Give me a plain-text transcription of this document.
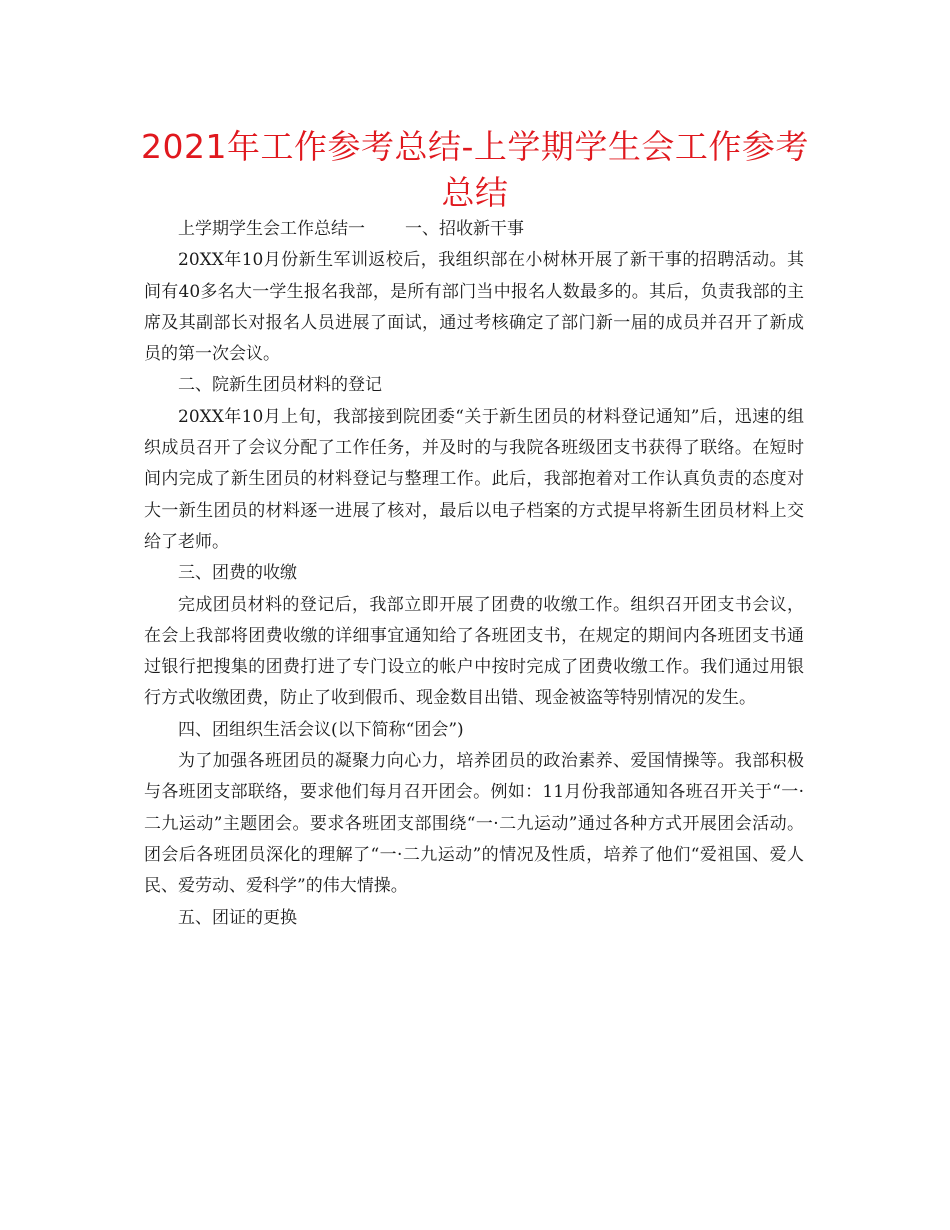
2021年工作参考总结-上学期学生会工作参考总结

上学期学生会工作总结一 一、招收新干事

20XX年10月份新生军训返校后，我组织部在小树林开展了新干事的招聘活动。其间有40多名大一学生报名我部，是所有部门当中报名人数最多的。其后，负责我部的主席及其副部长对报名人员进展了面试，通过考核确定了部门新一届的成员并召开了新成员的第一次会议。

二、院新生团员材料的登记

20XX年10月上旬，我部接到院团委“关于新生团员的材料登记通知”后，迅速的组织成员召开了会议分配了工作任务，并及时的与我院各班级团支书获得了联络。在短时间内完成了新生团员的材料登记与整理工作。此后，我部抱着对工作认真负责的态度对大一新生团员的材料逐一进展了核对，最后以电子档案的方式提早将新生团员材料上交给了老师。

三、团费的收缴

完成团员材料的登记后，我部立即开展了团费的收缴工作。组织召开团支书会议，在会上我部将团费收缴的详细事宜通知给了各班团支书，在规定的期间内各班团支书通过银行把搜集的团费打进了专门设立的帐户中按时完成了团费收缴工作。我们通过用银行方式收缴团费，防止了收到假币、现金数目出错、现金被盗等特别情况的发生。

四、团组织生活会议(以下简称“团会”)

为了加强各班团员的凝聚力向心力，培养团员的政治素养、爱国情操等。我部积极与各班团支部联络，要求他们每月召开团会。例如：11月份我部通知各班召开关于“一·二九运动”主题团会。要求各班团支部围绕“一·二九运动”通过各种方式开展团会活动。团会后各班团员深化的理解了“一·二九运动”的情况及性质，培养了他们“爱祖国、爱人民、爱劳动、爱科学”的伟大情操。

五、团证的更换
